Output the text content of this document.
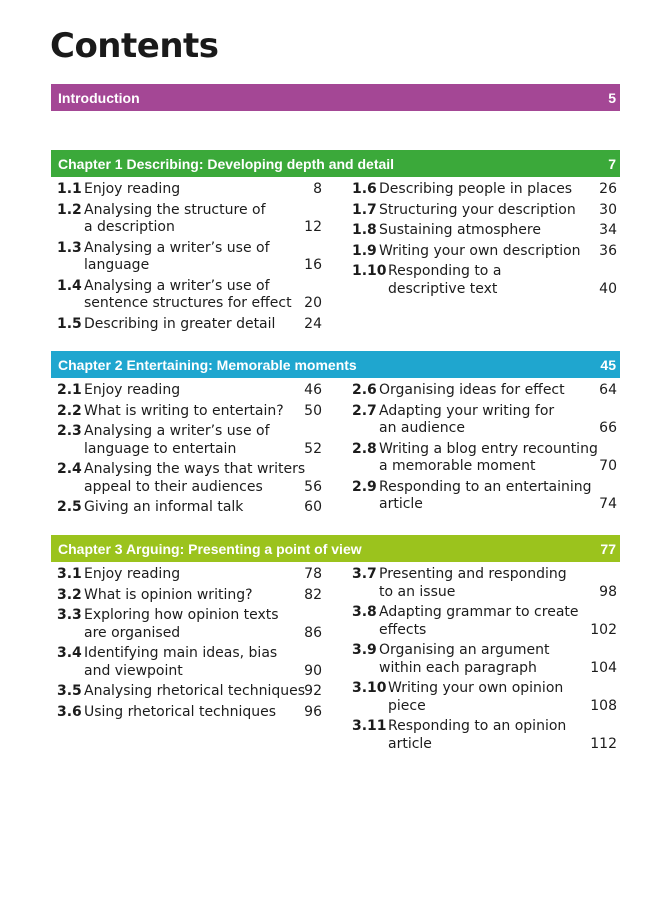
Contents
Introduction	5
Chapter 1 Describing: Developing depth and detail	7
1.1 Enjoy reading	8
1.2 Analysing the structure of
a description	12
1.3 Analysing a writer’s use of
language	16
1.4 Analysing a writer’s use of
sentence structures for effect 20
1.5 Describing in greater detail 24
1.6 Describing people in places 26
1.7 Structuring your description 30
1.8 Sustaining atmosphere	34
1.9 Writing your own description 36
1.10 Responding to a
descriptive text	40
Chapter 2 Entertaining: Memorable moments	45
2.1 Enjoy reading	46
2.2 What is writing to entertain? 50
2.3 Analysing a writer’s use of
language to entertain	52
2.4 Analysing the ways that writers
appeal to their audiences	56
2.5 Giving an informal talk	60
2.6 Organising ideas for effect 64
2.7 Adapting your writing for
an audience	66
2.8 Writing a blog entry recounting
a memorable moment	70
2.9 Responding to an entertaining
article	74
Chapter 3 Arguing: Presenting a point of view	77
3.1 Enjoy reading	78
3.2 What is opinion writing?	82
3.3 Exploring how opinion texts
are organised	86
3.4 Identifying main ideas, bias
and viewpoint	90
3.5 Analysing rhetorical techniques 92
3.6 Using rhetorical techniques 96
3.7 Presenting and responding
to an issue	98
3.8 Adapting grammar to create
effects	102
3.9 Organising an argument
within each paragraph	104
3.10 Writing your own opinion
piece	108
3.11 Responding to an opinion
article	112
